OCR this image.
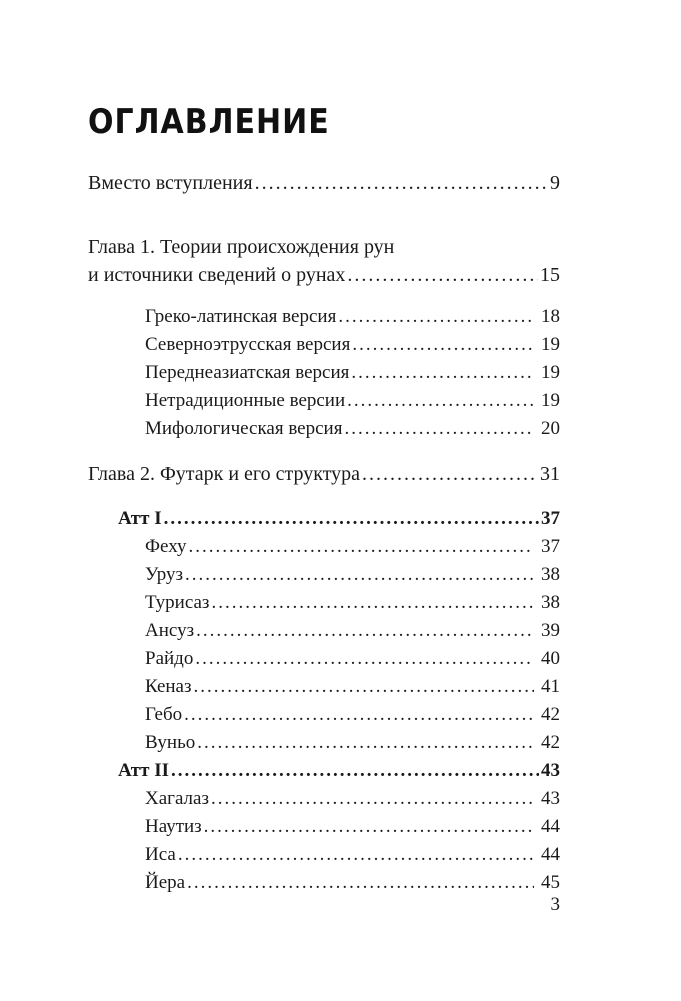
ОГЛАВЛЕНИЕ
Вместо вступления .....	9
Глава 1. Теории происхождения рун
и источники сведений о рунах .....	15
Греко-латинская версия .....	18
Северноэтрусская версия .....	19
Переднеазиатская версия .....	19
Нетрадиционные версии .....	19
Мифологическая версия .....	20
Глава 2. Футарк и его структура .....	31
Атт I .....	37
Феху .....	37
Уруз .....	38
Турисаз .....	38
Ансуз .....	39
Райдо .....	40
Кеназ .....	41
Гебо .....	42
Вуньо .....	42
Атт II .....	43
Хагалаз .....	43
Наутиз .....	44
Иса .....	44
Йера .....	45
3
